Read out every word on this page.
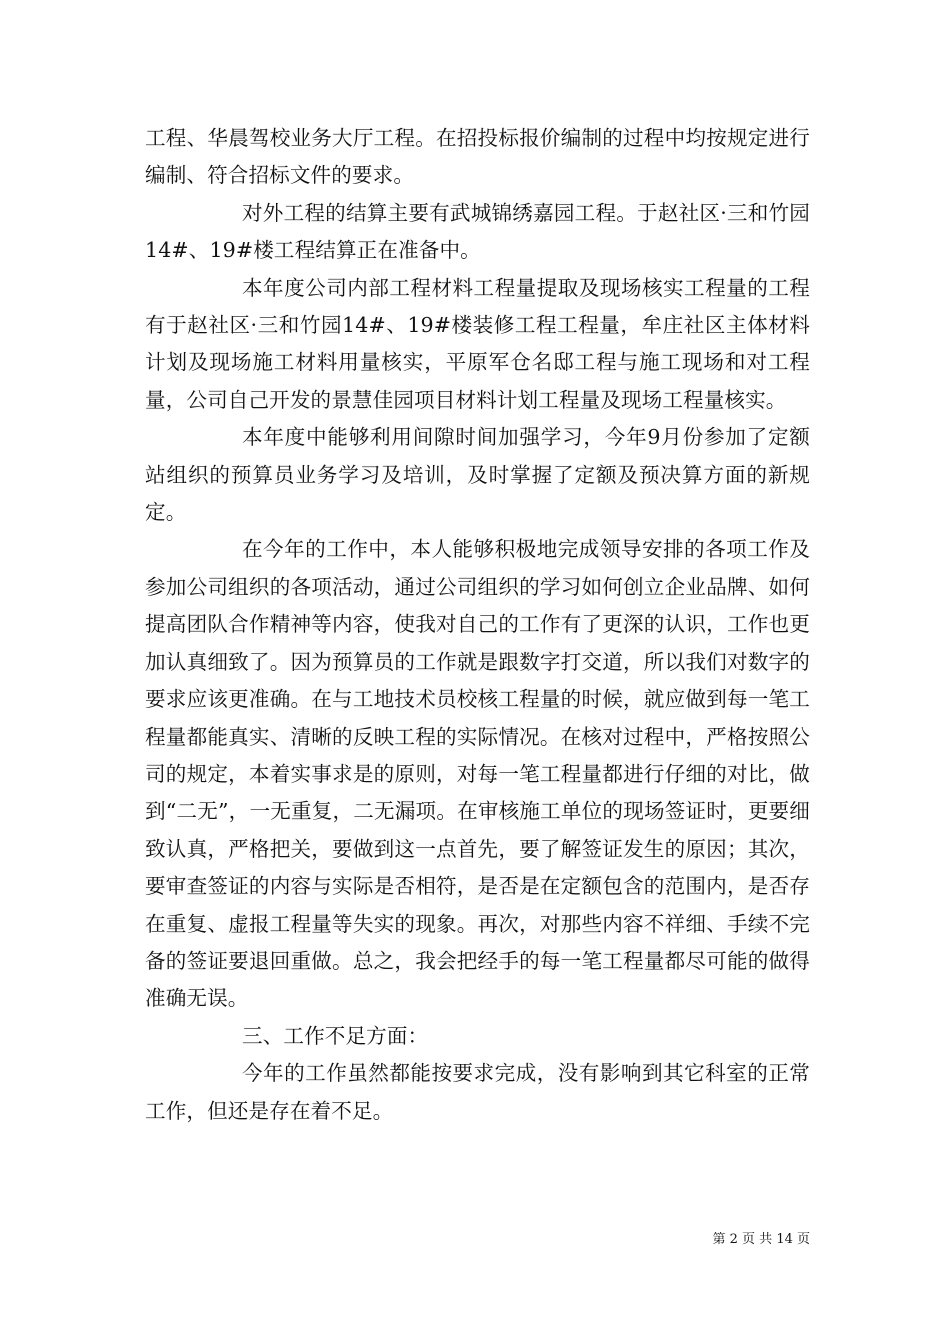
工程、华晨驾校业务大厅工程。在招投标报价编制的过程中均按规定进行编制、符合招标文件的要求。

对外工程的结算主要有武城锦绣嘉园工程。于赵社区·三和竹园14#、19#楼工程结算正在准备中。

本年度公司内部工程材料工程量提取及现场核实工程量的工程有于赵社区·三和竹园14#、19#楼装修工程工程量，牟庄社区主体材料计划及现场施工材料用量核实，平原军仓名邸工程与施工现场和对工程量，公司自己开发的景慧佳园项目材料计划工程量及现场工程量核实。

本年度中能够利用间隙时间加强学习，今年9月份参加了定额站组织的预算员业务学习及培训，及时掌握了定额及预决算方面的新规定。

在今年的工作中，本人能够积极地完成领导安排的各项工作及参加公司组织的各项活动，通过公司组织的学习如何创立企业品牌、如何提高团队合作精神等内容，使我对自己的工作有了更深的认识，工作也更加认真细致了。因为预算员的工作就是跟数字打交道，所以我们对数字的要求应该更准确。在与工地技术员校核工程量的时候，就应做到每一笔工程量都能真实、清晰的反映工程的实际情况。在核对过程中，严格按照公司的规定，本着实事求是的原则，对每一笔工程量都进行仔细的对比，做到“二无”，一无重复，二无漏项。在审核施工单位的现场签证时，更要细致认真，严格把关，要做到这一点首先，要了解签证发生的原因；其次，要审查签证的内容与实际是否相符，是否是在定额包含的范围内，是否存在重复、虚报工程量等失实的现象。再次，对那些内容不祥细、手续不完备的签证要退回重做。总之，我会把经手的每一笔工程量都尽可能的做得准确无误。

三、工作不足方面：

今年的工作虽然都能按要求完成，没有影响到其它科室的正常工作，但还是存在着不足。

第 2 页 共 14 页
